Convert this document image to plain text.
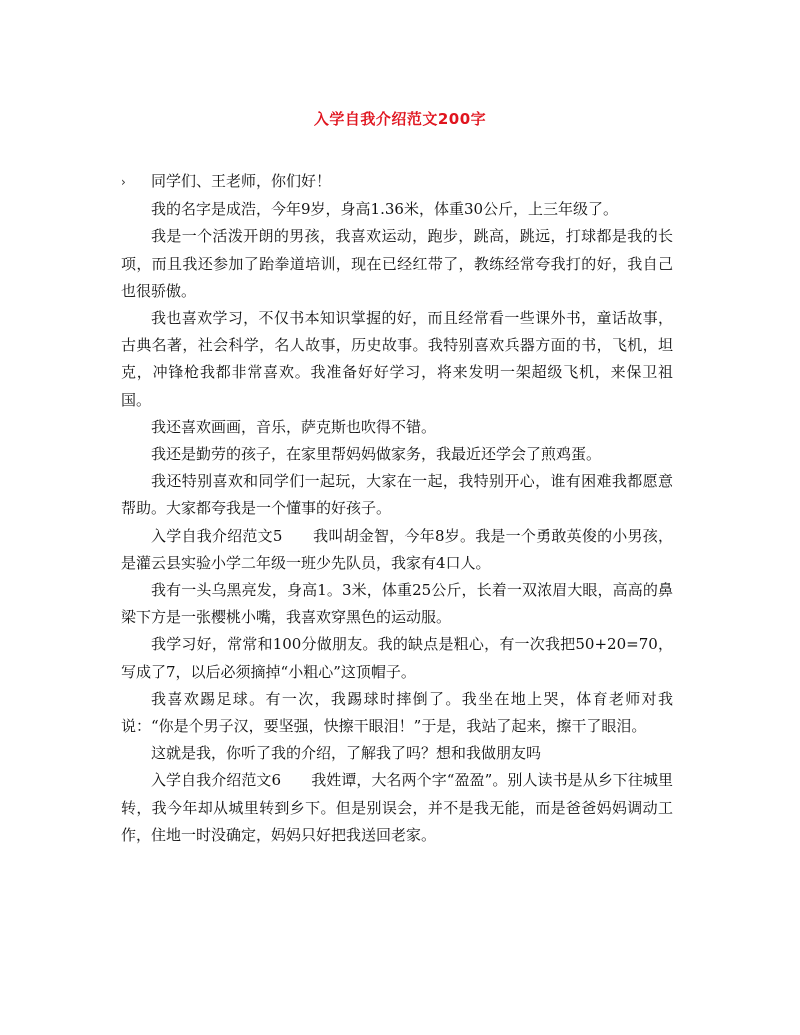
入学自我介绍范文200字

› 同学们、王老师，你们好！

我的名字是成浩，今年9岁，身高1.36米，体重30公斤，上三年级了。

我是一个活泼开朗的男孩，我喜欢运动，跑步，跳高，跳远，打球都是我的长项，而且我还参加了跆拳道培训，现在已经红带了，教练经常夸我打的好，我自己也很骄傲。

我也喜欢学习，不仅书本知识掌握的好，而且经常看一些课外书，童话故事，古典名著，社会科学，名人故事，历史故事。我特别喜欢兵器方面的书，飞机，坦克，冲锋枪我都非常喜欢。我准备好好学习，将来发明一架超级飞机，来保卫祖国。

我还喜欢画画，音乐，萨克斯也吹得不错。

我还是勤劳的孩子，在家里帮妈妈做家务，我最近还学会了煎鸡蛋。

我还特别喜欢和同学们一起玩，大家在一起，我特别开心，谁有困难我都愿意帮助。大家都夸我是一个懂事的好孩子。

入学自我介绍范文5　　我叫胡金智，今年8岁。我是一个勇敢英俊的小男孩，是灌云县实验小学二年级一班少先队员，我家有4口人。

我有一头乌黑亮发，身高1。3米，体重25公斤，长着一双浓眉大眼，高高的鼻梁下方是一张樱桃小嘴，我喜欢穿黑色的运动服。

我学习好，常常和100分做朋友。我的缺点是粗心，有一次我把50+20=70，写成了7，以后必须摘掉“小粗心”这顶帽子。

我喜欢踢足球。有一次，我踢球时摔倒了。我坐在地上哭，体育老师对我说：“你是个男子汉，要坚强，快擦干眼泪！”于是，我站了起来，擦干了眼泪。

这就是我，你听了我的介绍，了解我了吗？想和我做朋友吗

入学自我介绍范文6　　我姓谭，大名两个字“盈盈”。别人读书是从乡下往城里转，我今年却从城里转到乡下。但是别误会，并不是我无能，而是爸爸妈妈调动工作，住地一时没确定，妈妈只好把我送回老家。
